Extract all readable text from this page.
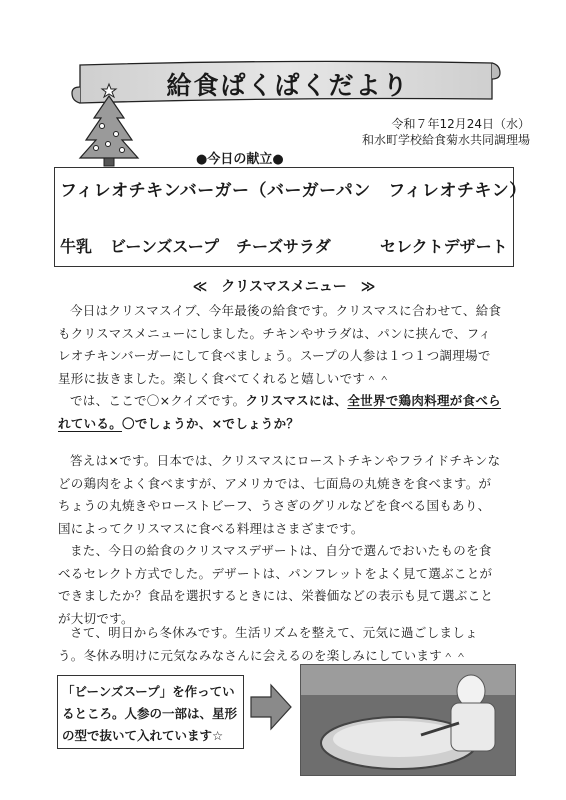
給食ぱくぱくだより
令和７年12月24日（水）
和水町学校給食菊水共同調理場
●今日の献立●
フィレオチキンバーガー（バーガーパン　フィレオチキン）
牛乳 ビーンズスープ チーズサラダ	セレクトデザート
≪　クリスマスメニュー　≫
今日はクリスマスイブ、今年最後の給食です。クリスマスに合わせて、給食もクリスマスメニューにしました。チキンやサラダは、パンに挟んで、フィレオチキンバーガーにして食べましょう。スープの人参は１つ１つ調理場で星形に抜きました。楽しく食べてくれると嬉しいです＾＾
では、ここで〇×クイズです。クリスマスには、全世界で鶏肉料理が食べられている。〇でしょうか、×でしょうか？
答えは×です。日本では、クリスマスにローストチキンやフライドチキンなどの鶏肉をよく食べますが、アメリカでは、七面鳥の丸焼きを食べます。がちょうの丸焼きやローストビーフ、うさぎのグリルなどを食べる国もあり、国によってクリスマスに食べる料理はさまざまです。
また、今日の給食のクリスマスデザートは、自分で選んでおいたものを食べるセレクト方式でした。デザートは、パンフレットをよく見て選ぶことができましたか？食品を選択するときには、栄養価などの表示も見て選ぶことが大切です。
さて、明日から冬休みです。生活リズムを整えて、元気に過ごしましょう。冬休み明けに元気なみなさんに会えるのを楽しみにしています＾＾
「ビーンズスープ」を作っているところ。人参の一部は、星形の型で抜いて入れています☆
